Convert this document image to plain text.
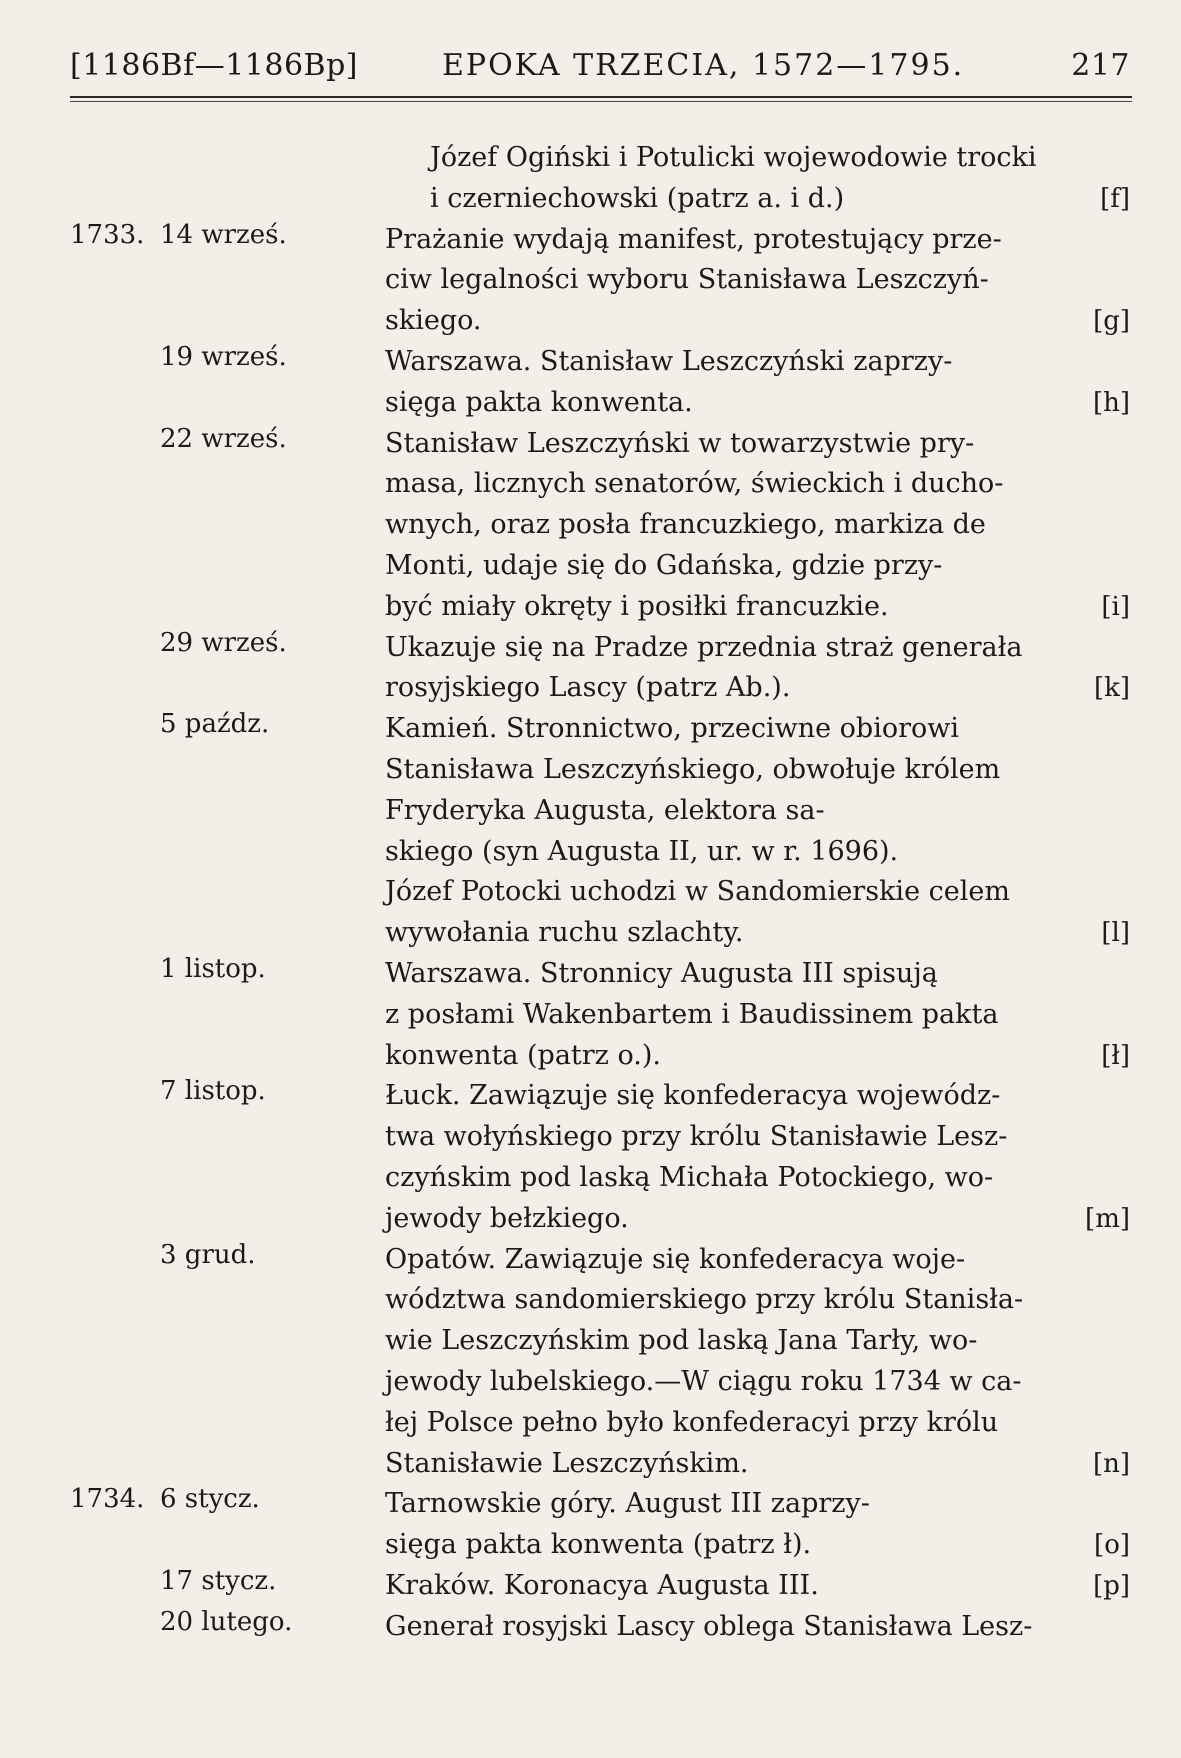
[1186Bf—1186Bp]	EPOKA TRZECIA, 1572—1795.	217
Józef Ogiński i Potulicki wojewodowie trocki
i czerniechowski (patrz a. i d.)	[f]
1733. 14 wrześ.	Prażanie wydają manifest, protestujący prze-
ciw legalności wyboru Stanisława Leszczyń-
skiego.	[g]
19 wrześ.	Warszawa. Stanisław Leszczyński zaprzy-
sięga pakta konwenta.	[h]
22 wrześ.	Stanisław Leszczyński w towarzystwie pry-
masa, licznych senatorów, świeckich i ducho-
wnych, oraz posła francuzkiego, markiza de
Monti, udaje się do Gdańska, gdzie przy-
być miały okręty i posiłki francuzkie.	[i]
29 wrześ.	Ukazuje się na Pradze przednia straż generała
rosyjskiego Lascy (patrz Ab.).	[k]
5 paźdz.	Kamień. Stronnictwo, przeciwne obiorowi
Stanisława Leszczyńskiego, obwołuje królem
Fryderyka Augusta, elektora sa-
skiego (syn Augusta II, ur. w r. 1696).
Józef Potocki uchodzi w Sandomierskie celem
wywołania ruchu szlachty.	[l]
1 listop.	Warszawa. Stronnicy Augusta III spisują
z posłami Wakenbartem i Baudissinem pakta
konwenta (patrz o.).	[ł]
7 listop.	Łuck. Zawiązuje się konfederacya wojewódz-
twa wołyńskiego przy królu Stanisławie Lesz-
czyńskim pod laską Michała Potockiego, wo-
jewody bełzkiego.	[m]
3 grud.	Opatów. Zawiązuje się konfederacya woje-
wództwa sandomierskiego przy królu Stanisła-
wie Leszczyńskim pod laską Jana Tarły, wo-
jewody lubelskiego.—W ciągu roku 1734 w ca-
łej Polsce pełno było konfederacyi przy królu
Stanisławie Leszczyńskim.	[n]
1734. 6 stycz.	Tarnowskie góry. August III zaprzy-
sięga pakta konwenta (patrz ł).	[o]
17 stycz.	Kraków. Koronacya Augusta III.	[p]
20 lutego.	Generał rosyjski Lascy oblega Stanisława Lesz-
